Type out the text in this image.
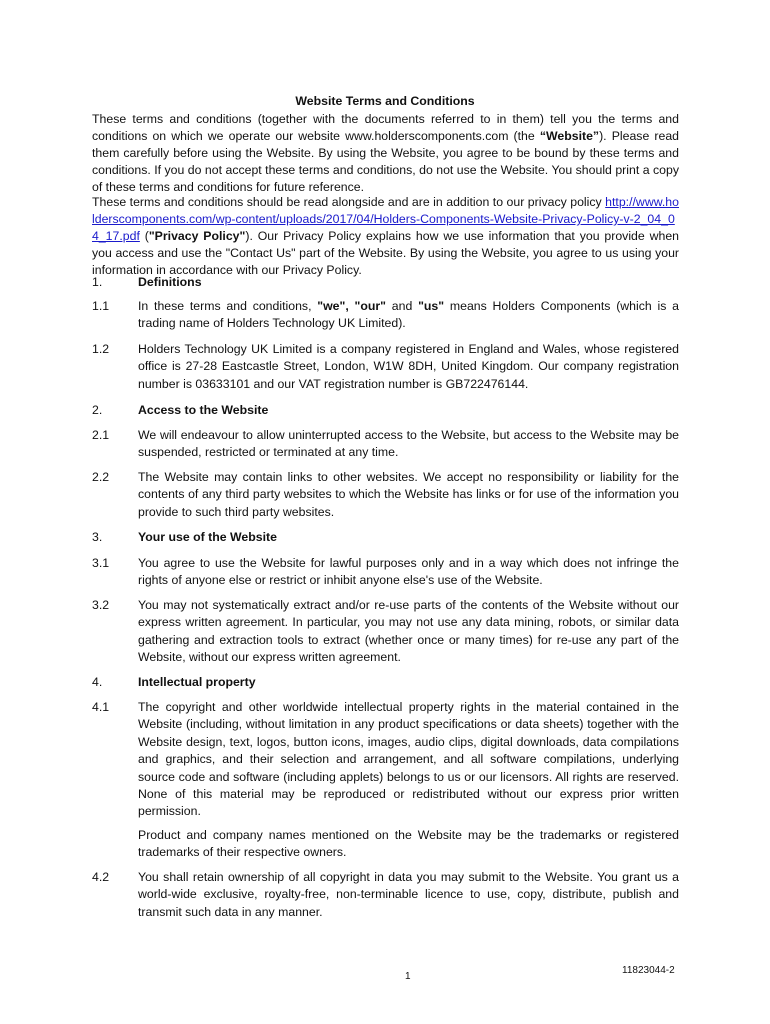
Website Terms and Conditions
These terms and conditions (together with the documents referred to in them) tell you the terms and conditions on which we operate our website www.holderscomponents.com (the “Website”). Please read them carefully before using the Website. By using the Website, you agree to be bound by these terms and conditions. If you do not accept these terms and conditions, do not use the Website. You should print a copy of these terms and conditions for future reference.
These terms and conditions should be read alongside and are in addition to our privacy policy http://www.holderscomponents.com/wp-content/uploads/2017/04/Holders-Components-Website-Privacy-Policy-v-2_04_04_17.pdf ("Privacy Policy"). Our Privacy Policy explains how we use information that you provide when you access and use the "Contact Us" part of the Website. By using the Website, you agree to us using your information in accordance with our Privacy Policy.
1.	Definitions
1.1 In these terms and conditions, "we", "our" and "us" means Holders Components (which is a trading name of Holders Technology UK Limited).
1.2 Holders Technology UK Limited is a company registered in England and Wales, whose registered office is 27-28 Eastcastle Street, London, W1W 8DH, United Kingdom. Our company registration number is 03633101 and our VAT registration number is GB722476144.
2.	Access to the Website
2.1 We will endeavour to allow uninterrupted access to the Website, but access to the Website may be suspended, restricted or terminated at any time.
2.2 The Website may contain links to other websites. We accept no responsibility or liability for the contents of any third party websites to which the Website has links or for use of the information you provide to such third party websites.
3.	Your use of the Website
3.1 You agree to use the Website for lawful purposes only and in a way which does not infringe the rights of anyone else or restrict or inhibit anyone else's use of the Website.
3.2 You may not systematically extract and/or re-use parts of the contents of the Website without our express written agreement. In particular, you may not use any data mining, robots, or similar data gathering and extraction tools to extract (whether once or many times) for re-use any part of the Website, without our express written agreement.
4.	Intellectual property
4.1 The copyright and other worldwide intellectual property rights in the material contained in the Website (including, without limitation in any product specifications or data sheets) together with the Website design, text, logos, button icons, images, audio clips, digital downloads, data compilations and graphics, and their selection and arrangement, and all software compilations, underlying source code and software (including applets) belongs to us or our licensors. All rights are reserved. None of this material may be reproduced or redistributed without our express prior written permission.
Product and company names mentioned on the Website may be the trademarks or registered trademarks of their respective owners.
4.2 You shall retain ownership of all copyright in data you may submit to the Website. You grant us a world-wide exclusive, royalty-free, non-terminable licence to use, copy, distribute, publish and transmit such data in any manner.
11823044-2
1
